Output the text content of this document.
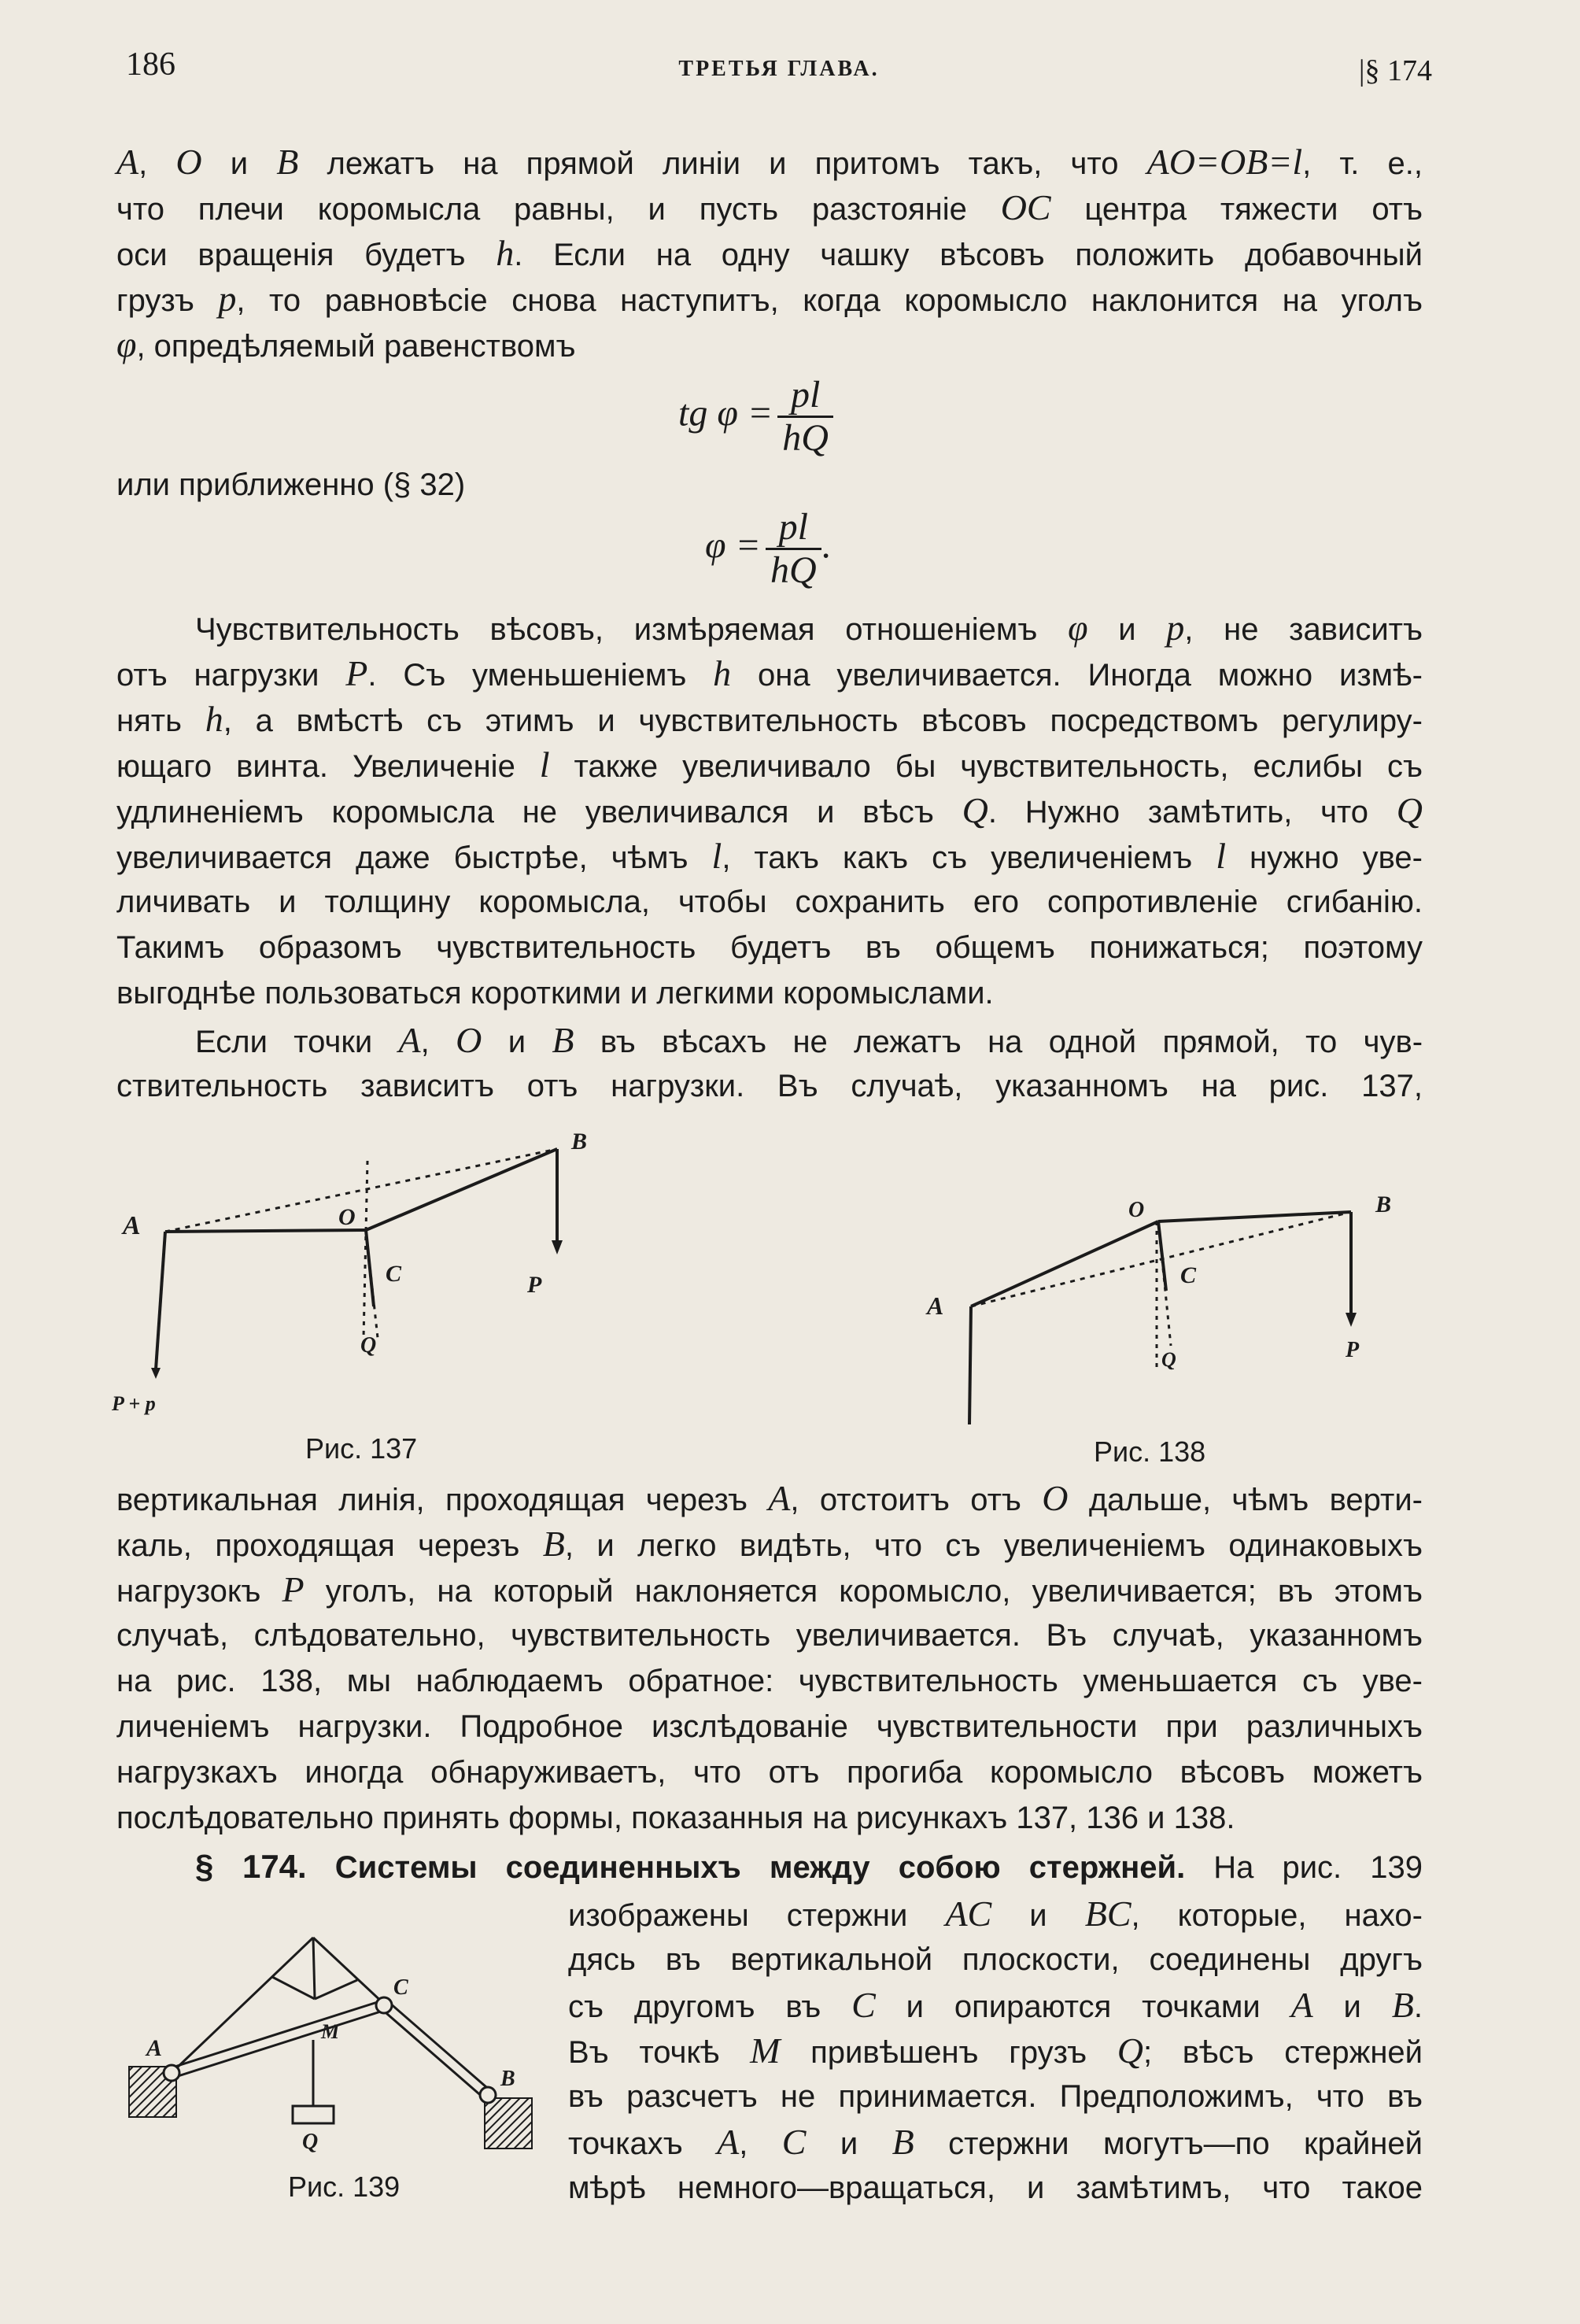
186	ТРЕТЬЯ ГЛАВА.	|§ 174
A, O и B лежатъ на прямой линіи и притомъ такъ, что AO=OB=l, т. е.,
что плечи коромысла равны, и пусть разстояніе OC центра тяжести отъ
оси вращенія будетъ h. Если на одну чашку вѣсовъ положить добавочный
грузъ p, то равновѣсіе снова наступитъ, когда коромысло наклонится на уголъ
φ, опредѣляемый равенствомъ
tg $\varphi = \frac{pl}{hQ}$
или приближенно (§ 32)
$\varphi = \frac{pl}{hQ}$ .
Чувствительность вѣсовъ, измѣряемая отношеніемъ φ и p, не зависитъ
отъ нагрузки P. Съ уменьшеніемъ h она увеличивается. Иногда можно измѣ-
нять h, а вмѣстѣ съ этимъ и чувствительность вѣсовъ посредствомъ регулиру-
ющаго винта. Увеличеніе l также увеличивало бы чувствительность, еслибы съ
удлиненіемъ коромысла не увеличивался и вѣсъ Q. Нужно замѣтить, что Q
увеличивается даже быстрѣе, чѣмъ l, такъ какъ съ увеличеніемъ l нужно уве-
личивать и толщину коромысла, чтобы сохранить его сопротивленіе сгибанію.
Такимъ образомъ чувствительность будетъ въ общемъ понижаться; поэтому
выгоднѣе пользоваться короткими и легкими коромыслами.
Если точки A, O и B въ вѣсахъ не лежатъ на одной прямой, то чув-
ствительность зависитъ отъ нагрузки. Въ случаѣ, указанномъ на рис. 137,
A	O
B
C	P
Q
P + p
Рис. 137
A
O	B
C
P
Q
Рис. 138
вертикальная линія, проходящая черезъ A, отстоитъ отъ O дальше, чѣмъ верти-
каль, проходящая черезъ B, и легко видѣть, что съ увеличеніемъ одинаковыхъ
нагрузокъ P уголъ, на который наклоняется коромысло, увеличивается; въ этомъ
случаѣ, слѣдовательно, чувствительность увеличивается. Въ случаѣ, указанномъ
на рис. 138, мы наблюдаемъ обратное: чувствительность уменьшается съ уве-
личеніемъ нагрузки. Подробное изслѣдованіе чувствительности при различныхъ
нагрузкахъ иногда обнаруживаетъ, что отъ прогиба коромысло вѣсовъ можетъ
послѣдовательно принять формы, показанныя на рисункахъ 137, 136 и 138.
§ 174. Системы соединенныхъ между собою стержней. На рис. 139
изображены стержни AC и BC, которые, нахо-
дясь въ вертикальной плоскости, соединены другъ
съ другомъ въ C и опираются точками A и B.
Въ точкѣ M привѣшенъ грузъ Q; вѣсъ стержней
въ разсчетъ не принимается. Предположимъ, что въ
точкахъ A, C и B стержни могутъ—по крайней
мѣрѣ немного—вращаться, и замѣтимъ, что такое
A
C
M
B
Q
Рис. 139
